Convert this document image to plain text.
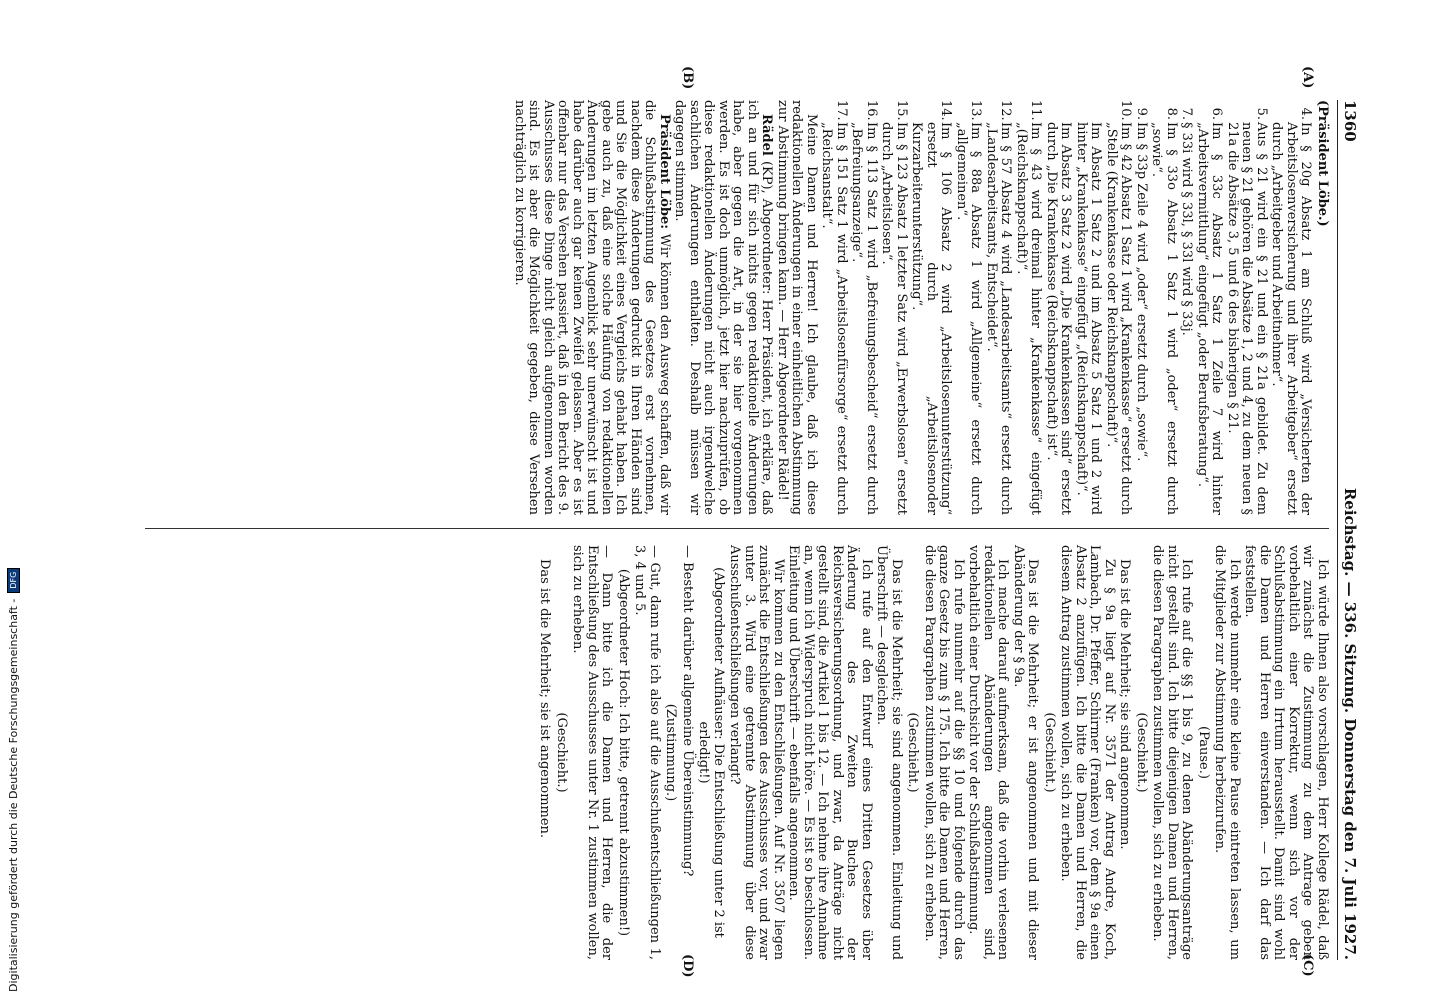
Digitalisierung gefördert durch die Deutsche Forschungsgemeinschaft -
DFG
1360
Reichstag. — 336. Sitzung. Donnerstag den 7. Juli 1927.
(A)
(B)
(C)
(D)

(Präsident Löbe.)

4.
In § 20g Absatz 1 am Schluß wird „Versicherten der Arbeitslosenversicherung und ihrer Arbeitgeber“ ersetzt durch „Arbeitgeber und Arbeitnehmer“.

5.
Aus § 21 wird ein § 21 und ein § 21a gebildet. Zu dem neuen § 21 gehören die Absätze 1, 2 und 4, zu dem neuen § 21a die Absätze 3, 5 und 6 des bisherigen § 21.

6.
Im § 33c Absatz 1 Satz 1 Zeile 7 wird hinter „Arbeitsvermittlung“ eingefügt „oder Berufsberatung“.

7.
§ 33i wird § 33l, § 33l wird § 33j.

8.
Im § 33o Absatz 1 Satz 1 wird „oder“ ersetzt durch „sowie“.

9.
Im § 33p Zeile 4 wird „oder“ ersetzt durch „sowie“.

10.
Im § 42 Absatz 1 Satz 1 wird „Krankenkasse“ ersetzt durch „Stelle (Krankenkasse oder Reichsknappschaft)“.

Im Absatz 1 Satz 2 und im Absatz 5 Satz 1 und 2 wird hinter „Krankenkasse“ eingefügt „(Reichsknappschaft)“.

Im Absatz 3 Satz 2 wird „Die Krankenkassen sind“ ersetzt durch „Die Krankenkasse (Reichsknappschaft) ist“.

11.
Im § 43 wird dreimal hinter „Krankenkasse“ eingefügt „(Reichsknappschaft)“.

12.
Im § 57 Absatz 4 wird „Landesarbeitsamts“ ersetzt durch „Landesarbeitsamts, Entscheidet“.

13.
Im § 88a Absatz 1 wird „Allgemeine“ ersetzt durch „allgemeinen“.

14.
Im § 106 Absatz 2 wird „Arbeitslosenunterstützung“ ersetzt durch „Arbeitslosenoder Kurzarbeiterunterstützung“.

15.
Im § 123 Absatz 1 letzter Satz wird „Erwerbslosen“ ersetzt durch „Arbeitslosen“.

16.
Im § 113 Satz 1 wird „Befreiungsbescheid“ ersetzt durch „Befreiungsanzeige“.

17.
Im § 151 Satz 1 wird „Arbeitslosenfürsorge“ ersetzt durch „Reichsanstalt“.

Meine Damen und Herren! Ich glaube, daß ich diese redaktionellen Änderungen in einer einheitlichen Abstimmung zur Abstimmung bringen kann. — Herr Abgeordneter Rädel!

Rädel (KP), Abgeordneter: Herr Präsident, ich erkläre, daß ich an und für sich nichts gegen redaktionelle Änderungen habe, aber gegen die Art, in der sie hier vorgenommen werden. Es ist doch unmöglich, jetzt hier nachzuprüfen, ob diese redaktionellen Änderungen nicht auch irgendwelche sachlichen Änderungen enthalten. Deshalb müssen wir dagegen stimmen.

Präsident Löbe: Wir können den Ausweg schaffen, daß wir die Schlußabstimmung des Gesetzes erst vornehmen, nachdem diese Änderungen gedruckt in Ihren Händen sind und Sie die Möglichkeit eines Vergleichs gehabt haben. Ich gebe auch zu, daß eine solche Häufung von redaktionellen Änderungen im letzten Augenblick sehr unerwünscht ist und habe darüber auch gar keinen Zweifel gelassen. Aber es ist offenbar nur das Versehen passiert, daß in den Bericht des 9. Ausschusses diese Dinge nicht gleich aufgenommen worden sind. Es ist aber die Möglichkeit gegeben, diese Versehen nachträglich zu korrigieren.

Ich würde Ihnen also vorschlagen, Herr Kollege Rädel, daß wir zunächst die Zustimmung zu dem Antrage geben vorbehaltlich einer Korrektur, wenn sich vor der Schlußabstimmung ein Irrtum herausstellt. Damit sind wohl die Damen und Herren einverstanden. — Ich darf das feststellen.

Ich werde nunmehr eine kleine Pause eintreten lassen, um die Mitglieder zur Abstimmung herbeizurufen.

(Pause.)

Ich rufe auf die §§ 1 bis 9, zu denen Abänderungsanträge nicht gestellt sind. Ich bitte diejenigen Damen und Herren, die diesen Paragraphen zustimmen wollen, sich zu erheben.

(Geschieht.)

Das ist die Mehrheit; sie sind angenommen.

Zu § 9a liegt auf Nr. 3571 der Antrag Andre, Koch, Lambach, Dr. Pfeffer, Schirmer (Franken) vor, dem § 9a einen Absatz 2 anzufügen. Ich bitte die Damen und Herren, die diesem Antrag zustimmen wollen, sich zu erheben.

(Geschieht.)

Das ist die Mehrheit; er ist angenommen und mit dieser Abänderung der § 9a.

Ich mache darauf aufmerksam, daß die vorhin verlesenen redaktionellen Abänderungen angenommen sind, vorbehaltlich einer Durchsicht vor der Schlußabstimmung.

Ich rufe nunmehr auf die §§ 10 und folgende durch das ganze Gesetz bis zum § 175. Ich bitte die Damen und Herren, die diesen Paragraphen zustimmen wollen, sich zu erheben.

(Geschieht.)

Das ist die Mehrheit; sie sind angenommen. Einleitung und Überschrift — desgleichen.

Ich rufe auf den Entwurf eines Dritten Gesetzes über Änderung des Zweiten Buches der Reichsversicherungsordnung, und zwar, da Anträge nicht gestellt sind, die Artikel 1 bis 12. — Ich nehme ihre Annahme an, wenn ich Widerspruch nicht höre. — Es ist so beschlossen. Einleitung und Überschrift — ebenfalls angenommen.

Wir kommen zu den Entschließungen. Auf Nr. 3507 liegen zunächst die Entschließungen des Ausschusses vor, und zwar unter 3. Wird eine getrennte Abstimmung über diese Ausschußentschließungen verlangt?

(Abgeordneter Aufhäuser: Die Entschließung unter 2 ist erledigt!)

— Besteht darüber allgemeine Übereinstimmung?

(Zustimmung.)

— Gut, dann rufe ich also auf die Ausschußentschließungen 1, 3, 4 und 5.

(Abgeordneter Hoch: Ich bitte, getrennt abzustimmen!)

— Dann bitte ich die Damen und Herren, die der Entschließung des Ausschusses unter Nr. 1 zustimmen wollen, sich zu erheben.

(Geschieht.)

Das ist die Mehrheit; sie ist angenommen.
